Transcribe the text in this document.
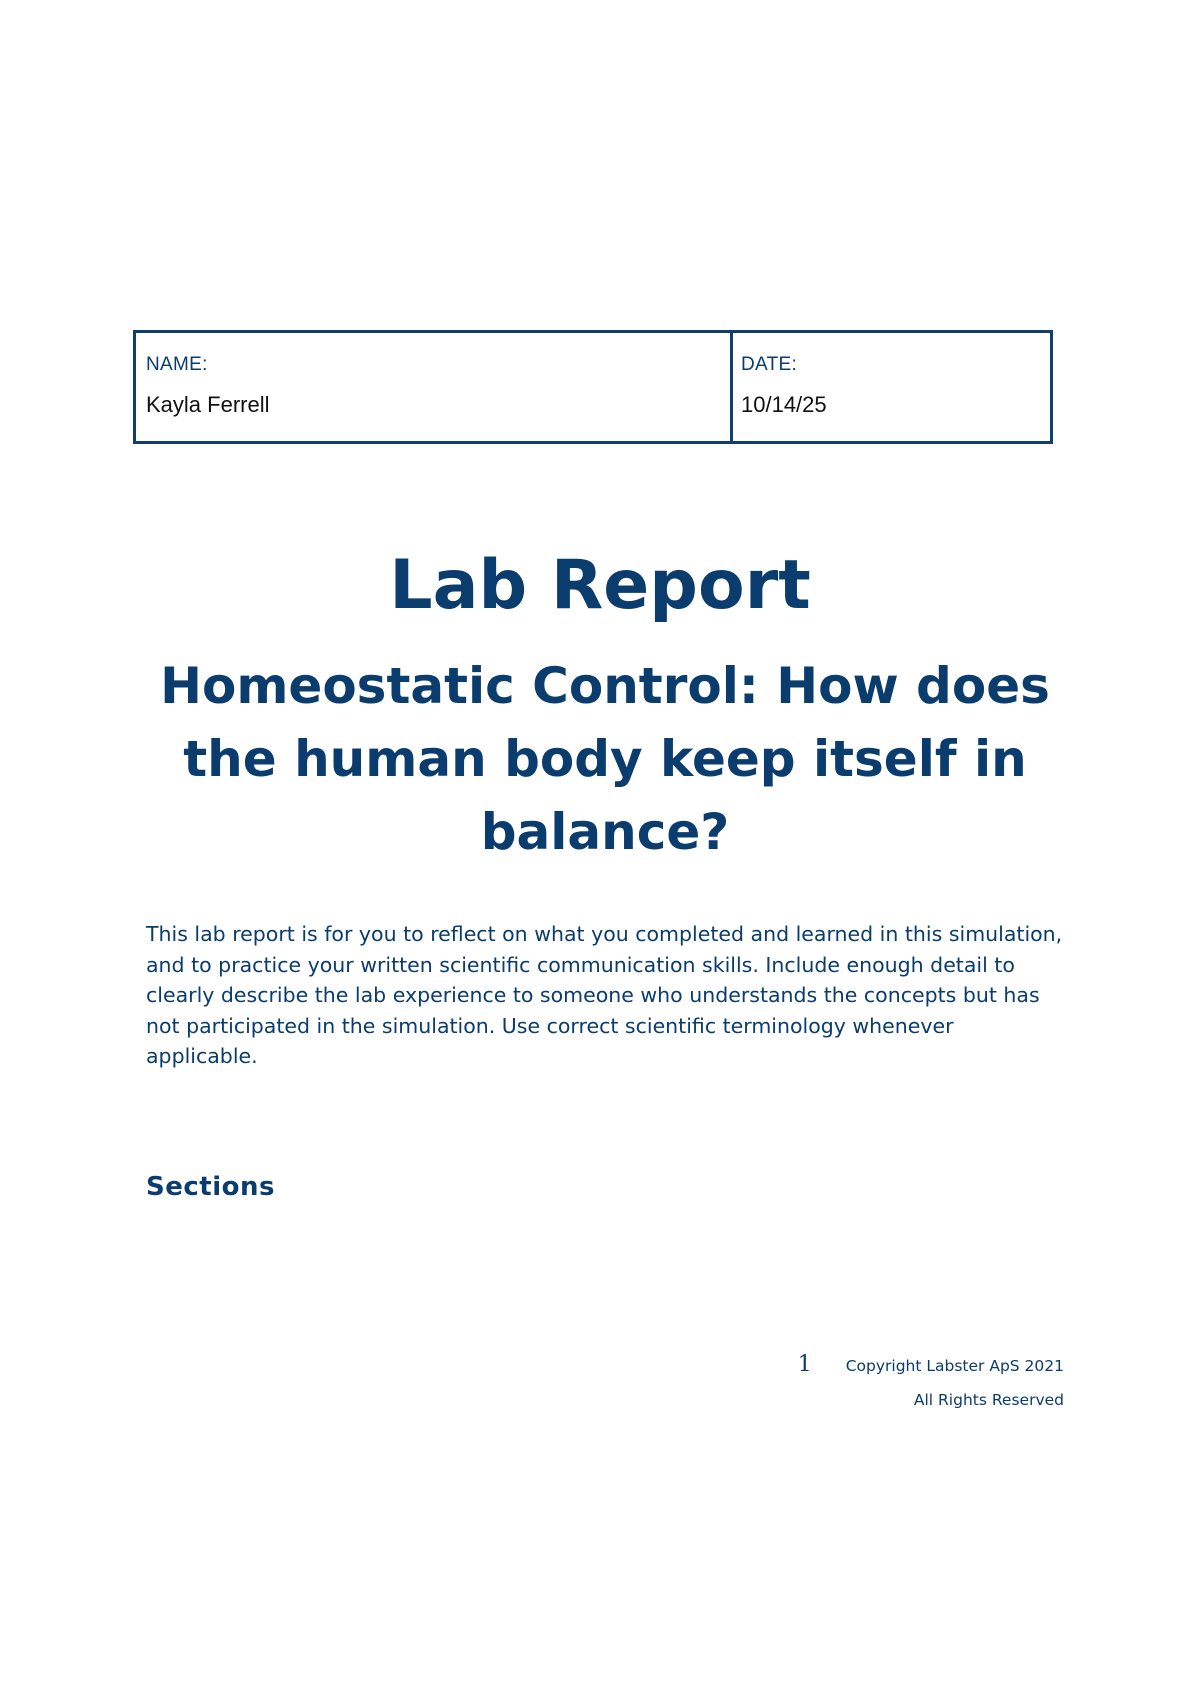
NAME:
Kayla Ferrell
DATE:
10/14/25
Lab Report
Homeostatic Control: How does the human body keep itself in balance?

This lab report is for you to reflect on what you completed and learned in this simulation, and to practice your written scientific communication skills. Include enough detail to clearly describe the lab experience to someone who understands the concepts but has not participated in the simulation. Use correct scientific terminology whenever applicable.

Sections
1 Copyright Labster ApS 2021
All Rights Reserved
